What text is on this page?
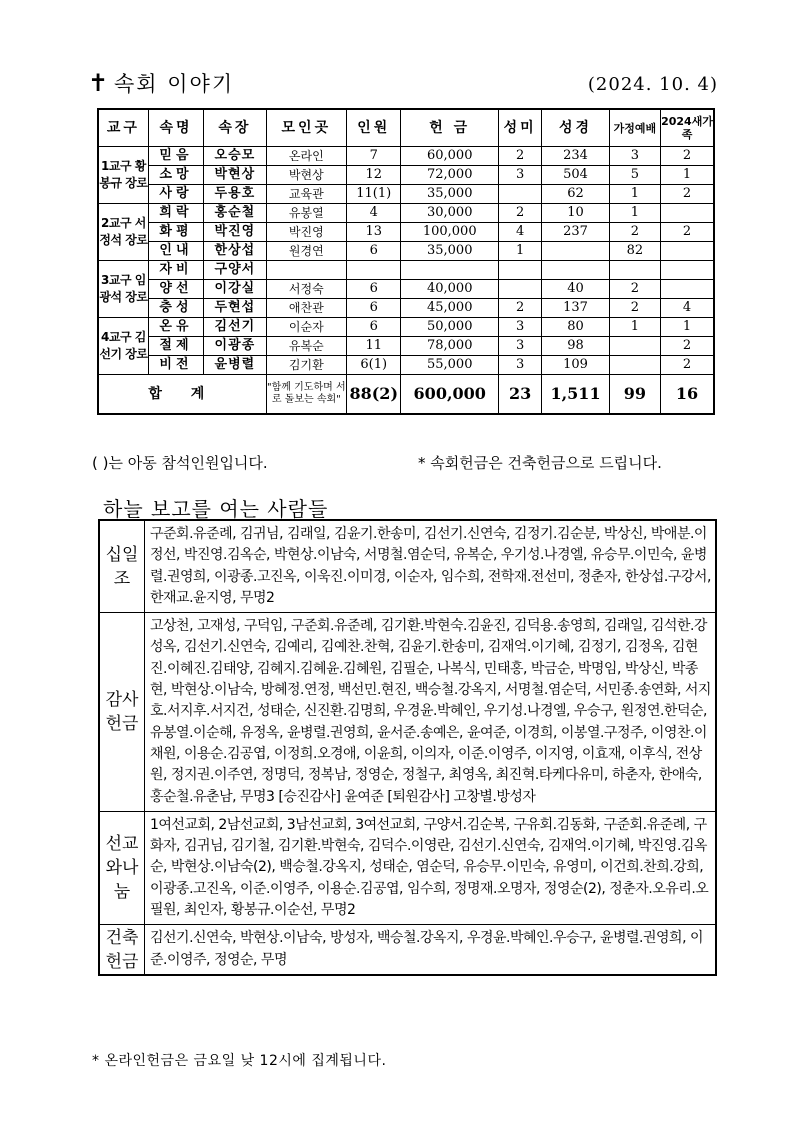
✝ 속회 이야기	(2024. 10. 4)
교구	속명	속장	모인곳	인원	헌 금	성미	성경	가정예배	2024새가족
1교구 황봉규 장로	믿음	오승모	온라인	7	60,000	2	234	3	2
	소망	박현상	박현상	12	72,000	3	504	5	1
	사랑	두용호	교육관	11(1)	35,000		62	1	2
2교구 서정석 장로	희락	홍순철	유봉열	4	30,000	2	10	1	
	화평	박진영	박진영	13	100,000	4	237	2	2
	인내	한상섭	원경연	6	35,000	1		82	
3교구 임광석 장로	자비	구양서							
	양선	이강실	서정숙	6	40,000		40	2	
	충성	두현섭	애찬관	6	45,000	2	137	2	4
4교구 김선기 장로	온유	김선기	이순자	6	50,000	3	80	1	1
	절제	이광종	유복순	11	78,000	3	98		2
	비전	윤병렬	김기환	6(1)	55,000	3	109		2
합 계			"함께 기도하며 서로 돌보는 속회"	88(2)	600,000	23	1,511	99	16
( )는 아동 참석인원입니다.	* 속회헌금은 건축헌금으로 드립니다.
하늘 보고를 여는 사람들
십일조	구준회.유준례, 김귀님, 김래일, 김윤기.한송미, 김선기.신연숙, 김정기.김순분, 박상신, 박애분.이정선, 박진영.김옥순, 박현상.이남숙, 서명철.염순덕, 유복순, 우기성.나경엘, 유승무.이민숙, 윤병렬.권영희, 이광종.고진옥, 이욱진.이미경, 이순자, 임수희, 전학재.전선미, 정춘자, 한상섭.구강서, 한재교.윤지영, 무명2
감사헌금	고상천, 고재성, 구덕임, 구준회.유준례, 김기환.박현숙.김윤진, 김덕용.송영희, 김래일, 김석한.강성옥, 김선기.신연숙, 김예리, 김예찬.찬혁, 김윤기.한송미, 김재억.이기혜, 김정기, 김정옥, 김현진.이혜진.김태양, 김혜지.김혜윤.김혜원, 김필순, 나복식, 민태홍, 박금순, 박명임, 박상신, 박종현, 박현상.이남숙, 방혜정.연정, 백선민.현진, 백승철.강옥지, 서명철.염순덕, 서민종.송연화, 서지호.서지후.서지건, 성태순, 신진환.김명희, 우경윤.박혜인, 우기성.나경엘, 우승구, 원정연.한덕순, 유봉열.이순해, 유정옥, 윤병렬.권영희, 윤서준.송예은, 윤여준, 이경희, 이봉열.구정주, 이영찬.이채원, 이용순.김공엽, 이정희.오경애, 이윤희, 이의자, 이준.이영주, 이지영, 이효재, 이후식, 전상원, 정지권.이주연, 정명덕, 정복남, 정영순, 정철구, 최영옥, 최진혁.타케다유미, 하춘자, 한애숙, 홍순철.유춘남, 무명3 [승진감사] 윤여준 [퇴원감사] 고창별.방성자
선교와나눔	1여선교회, 2남선교회, 3남선교회, 3여선교회, 구양서.김순복, 구유회.김동화, 구준회.유준례, 구화자, 김귀님, 김기철, 김기환.박현숙, 김덕수.이영란, 김선기.신연숙, 김재억.이기혜, 박진영.김옥순, 박현상.이남숙(2), 백승철.강옥지, 성태순, 염순덕, 유승무.이민숙, 유영미, 이건희.찬희.강희, 이광종.고진옥, 이준.이영주, 이용순.김공엽, 임수희, 정명재.오명자, 정영순(2), 정춘자.오유리.오필원, 최인자, 황봉규.이순선, 무명2
건축헌금	김선기.신연숙, 박현상.이남숙, 방성자, 백승철.강옥지, 우경윤.박혜인.우승구, 윤병렬.권영희, 이준.이영주, 정영순, 무명
* 온라인헌금은 금요일 낮 12시에 집계됩니다.
